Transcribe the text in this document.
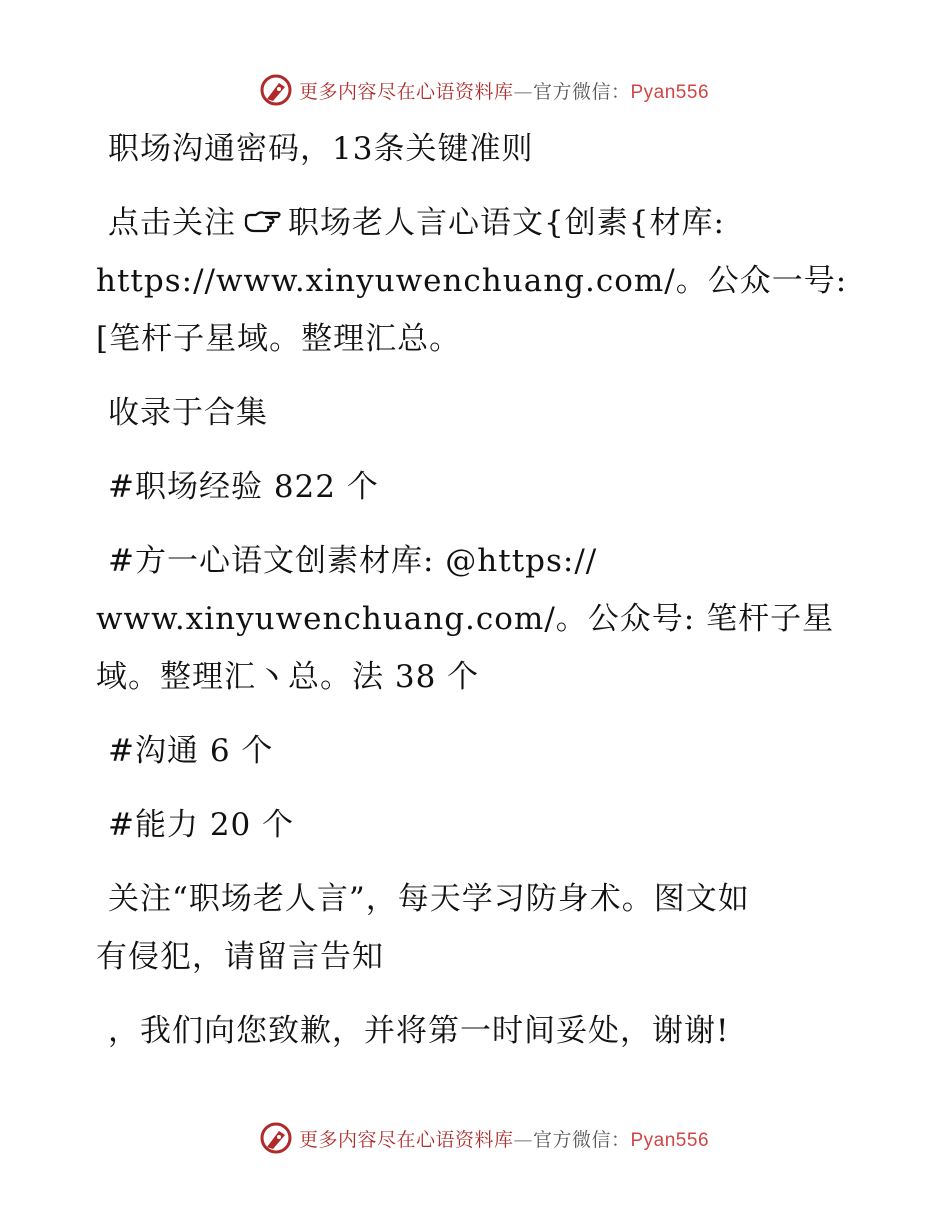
更多内容尽在心语资料库—官方微信：Pyan556
职场沟通密码，13条关键准则
点击关注 职场老人言心语文{创素{材库:
https://www.xinyuwenchuang.com/。公众一号:
[笔杆子星域。整理汇总。
收录于合集
#职场经验 822 个
#方一心语文创素材库: @https://
www.xinyuwenchuang.com/。公众号: 笔杆子星
域。整理汇丶总。法 38 个
#沟通 6 个
#能力 20 个
关注“职场老人言”，每天学习防身术。图文如
有侵犯，请留言告知
，我们向您致歉，并将第一时间妥处，谢谢!
更多内容尽在心语资料库—官方微信：Pyan556
